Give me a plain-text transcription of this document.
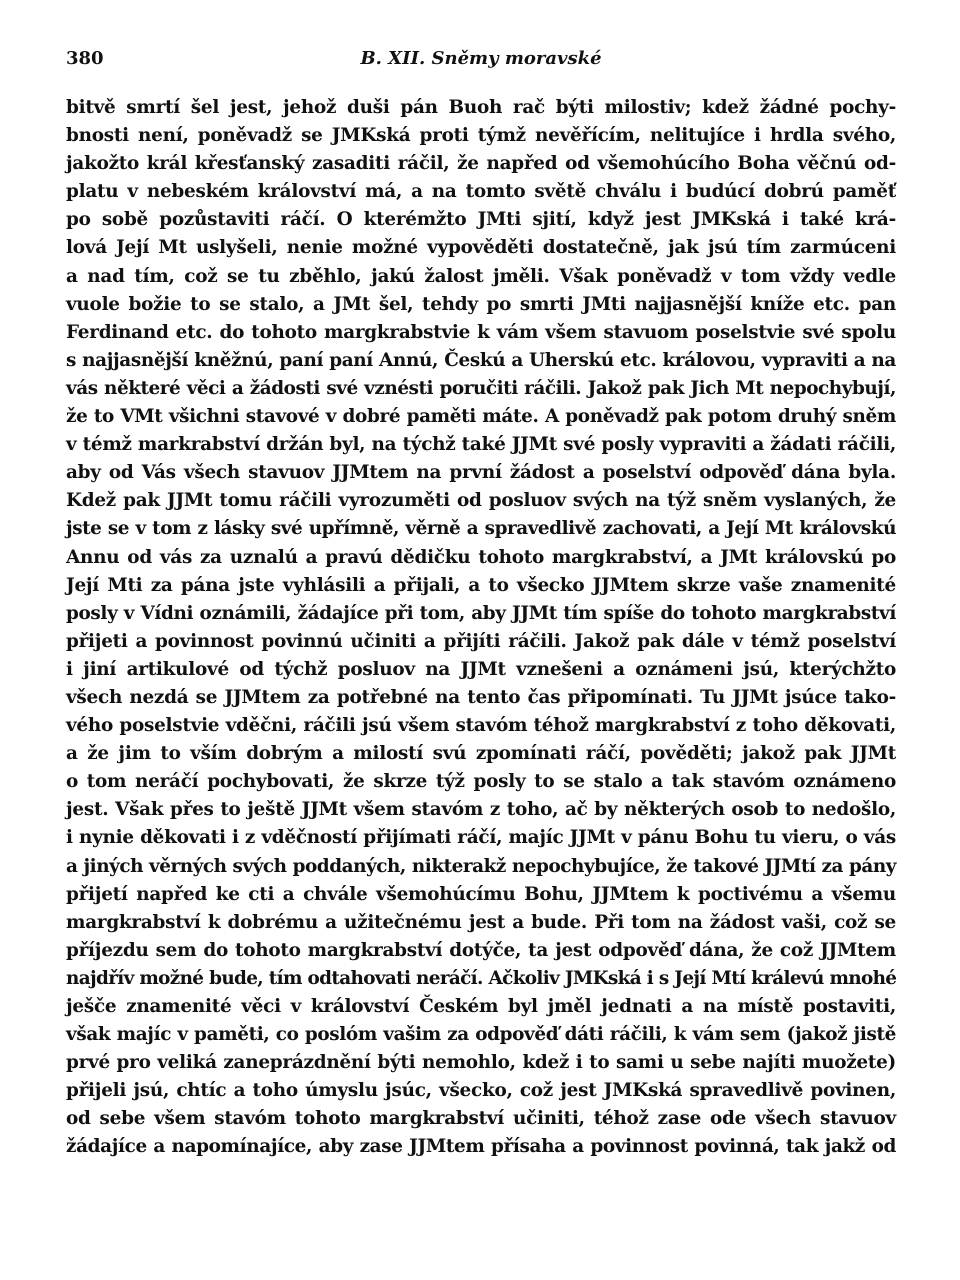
380	B. XII. Sněmy moravské
bitvě smrtí šel jest, jehož duši pán Buoh rač býti milostiv; kdež žádné pochy-
bnosti není, poněvadž se JMKská proti týmž nevěřícím, nelitujíce i hrdla svého,
jakožto král křesťanský zasaditi ráčil, že napřed od všemohúcího Boha věčnú od-
platu v nebeském království má, a na tomto světě chválu i budúcí dobrú paměť
po sobě pozůstaviti ráčí. O kterémžto JMti sjití, když jest JMKská i také krá-
lová Její Mt uslyšeli, nenie možné vypověděti dostatečně, jak jsú tím zarmúceni
a nad tím, což se tu zběhlo, jakú žalost jměli. Však poněvadž v tom vždy vedle
vuole božie to se stalo, a JMt šel, tehdy po smrti JMti najjasnější kníže etc. pan
Ferdinand etc. do tohoto margkrabstvie k vám všem stavuom poselstvie své spolu
s najjasnější kněžnú, paní paní Annú, Českú a Uherskú etc. královou, vypraviti a na
vás některé věci a žádosti své vznésti poručiti ráčili. Jakož pak Jich Mt nepochybují,
že to VMt všichni stavové v dobré paměti máte. A poněvadž pak potom druhý sněm
v témž markrabství držán byl, na týchž také JJMt své posly vypraviti a žádati ráčili,
aby od Vás všech stavuov JJMtem na první žádost a poselství odpověď dána byla.
Kdež pak JJMt tomu ráčili vyrozuměti od posluov svých na týž sněm vyslaných, že
jste se v tom z lásky své upřímně, věrně a spravedlivě zachovati, a Její Mt královskú
Annu od vás za uznalú a pravú dědičku tohoto margkrabství, a JMt královskú po
Její Mti za pána jste vyhlásili a přijali, a to všecko JJMtem skrze vaše znamenité
posly v Vídni oznámili, žádajíce při tom, aby JJMt tím spíše do tohoto margkrabství
přijeti a povinnost povinnú učiniti a přijíti ráčili. Jakož pak dále v témž poselství
i jiní artikulové od týchž posluov na JJMt vznešeni a oznámeni jsú, kterýchžto
všech nezdá se JJMtem za potřebné na tento čas připomínati. Tu JJMt jsúce tako-
vého poselstvie vděčni, ráčili jsú všem stavóm téhož margkrabství z toho děkovati,
a že jim to vším dobrým a milostí svú zpomínati ráčí, pověděti; jakož pak JJMt
o tom neráčí pochybovati, že skrze týž posly to se stalo a tak stavóm oznámeno
jest. Však přes to ještě JJMt všem stavóm z toho, ač by některých osob to nedošlo,
i nynie děkovati i z vděčností přijímati ráčí, majíc JJMt v pánu Bohu tu vieru, o vás
a jiných věrných svých poddaných, nikterakž nepochybujíce, že takové JJMtí za pány
přijetí napřed ke cti a chvále všemohúcímu Bohu, JJMtem k poctivému a všemu
margkrabství k dobrému a užitečnému jest a bude. Při tom na žádost vaši, což se
příjezdu sem do tohoto margkrabství dotýče, ta jest odpověď dána, že což JJMtem
najdřív možné bude, tím odtahovati neráčí. Ačkoliv JMKská i s Její Mtí králevú mnohé
ješče znamenité věci v království Českém byl jměl jednati a na místě postaviti,
však majíc v paměti, co poslóm vašim za odpověď dáti ráčili, k vám sem (jakož jistě
prvé pro veliká zaneprázdnění býti nemohlo, kdež i to sami u sebe najíti muožete)
přijeli jsú, chtíc a toho úmyslu jsúc, všecko, což jest JMKská spravedlivě povinen,
od sebe všem stavóm tohoto margkrabství učiniti, téhož zase ode všech stavuov
žádajíce a napomínajíce, aby zase JJMtem přísaha a povinnost povinná, tak jakž od
